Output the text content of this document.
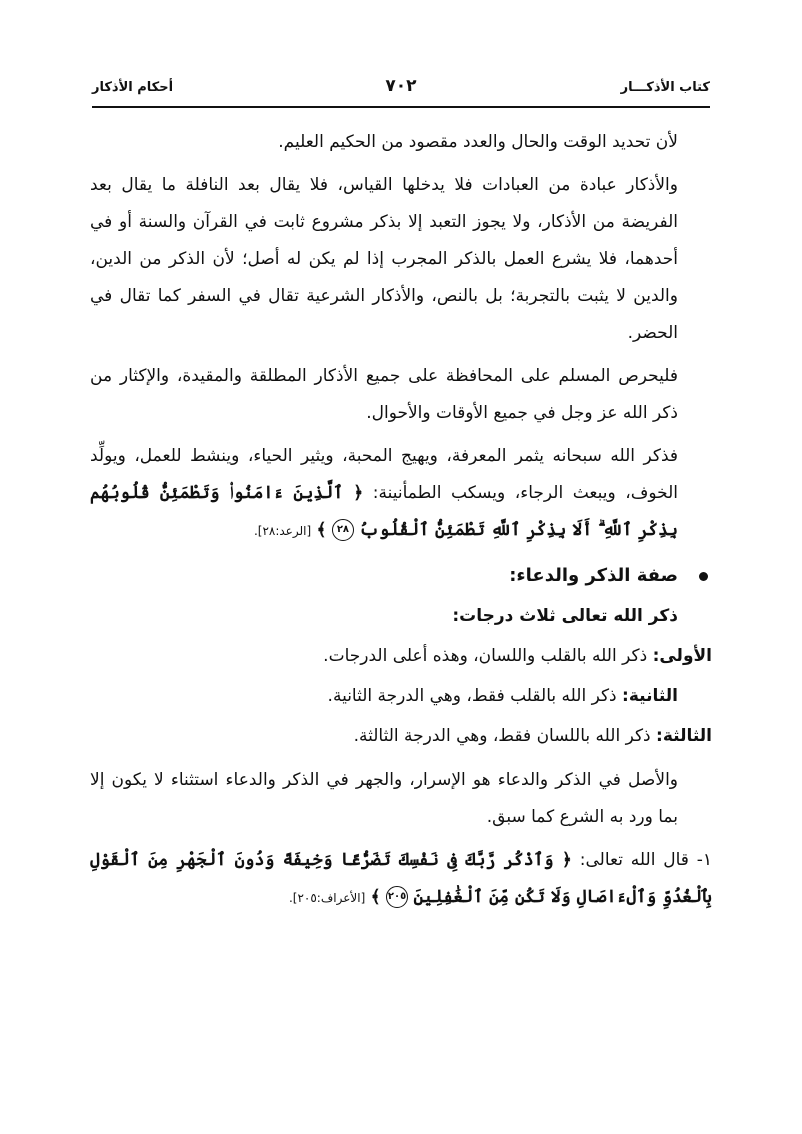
كتاب الأذكـــار
٧٠٢
أحكام الأذكار

لأن تحديد الوقت والحال والعدد مقصود من الحكيم العليم.

والأذكار عبادة من العبادات فلا يدخلها القياس، فلا يقال بعد النافلة ما يقال بعد الفريضة من الأذكار، ولا يجوز التعبد إلا بذكر مشروع ثابت في القرآن والسنة أو في أحدهما، فلا يشرع العمل بالذكر المجرب إذا لم يكن له أصل؛ لأن الذكر من الدين، والدين لا يثبت بالتجربة؛ بل بالنص، والأذكار الشرعية تقال في السفر كما تقال في الحضر.

فليحرص المسلم على المحافظة على جميع الأذكار المطلقة والمقيدة، والإكثار من ذكر الله عز وجل في جميع الأوقات والأحوال.

فذكر الله سبحانه يثمر المعرفة، ويهيج المحبة، ويثير الحياء، وينشط للعمل، ويولِّد الخوف، ويبعث الرجاء، ويسكب الطمأنينة: ﴿ ٱلَّذِينَ ءَامَنُوا۟ وَتَطْمَئِنُّ قُلُوبُهُم بِذِكْرِ ٱللَّهِ ۗ أَلَا بِذِكْرِ ٱللَّهِ تَطْمَئِنُّ ٱلْقُلُوبُ ٢٨ ﴾ [الرعد:٢٨].

صفة الذكر والدعاء:

ذكر الله تعالى ثلاث درجات:

الأولى: ذكر الله بالقلب واللسان، وهذه أعلى الدرجات.

الثانية: ذكر الله بالقلب فقط، وهي الدرجة الثانية.

الثالثة: ذكر الله باللسان فقط، وهي الدرجة الثالثة.

والأصل في الذكر والدعاء هو الإسرار، والجهر في الذكر والدعاء استثناء لا يكون إلا بما ورد به الشرع كما سبق.

١- قال الله تعالى: ﴿ وَٱذْكُر رَّبَّكَ فِى نَفْسِكَ تَضَرُّعًا وَخِيفَةً وَدُونَ ٱلْجَهْرِ مِنَ ٱلْقَوْلِ بِٱلْغُدُوِّ وَٱلْءَاصَالِ وَلَا تَكُن مِّنَ ٱلْغَٰفِلِينَ ٢٠٥ ﴾ [الأعراف:٢٠٥].
